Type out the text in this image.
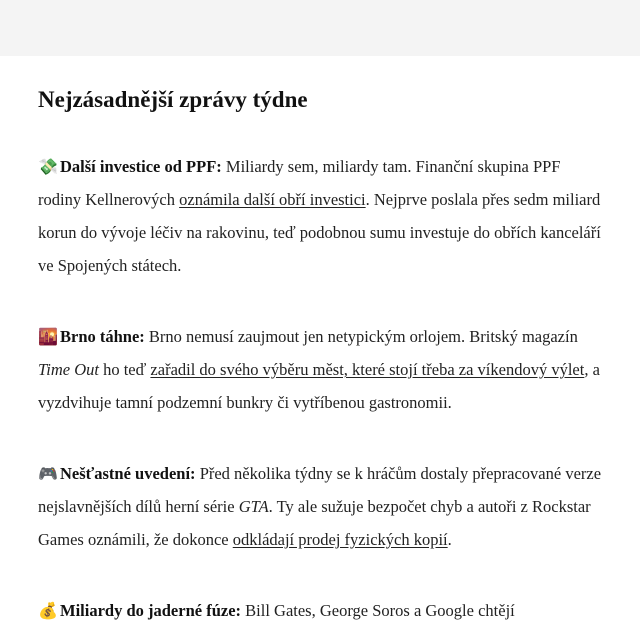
Nejzásadnější zprávy týdne

💸 Další investice od PPF: Miliardy sem, miliardy tam. Finanční skupina PPF rodiny Kellnerových oznámila další obří investici. Nejprve poslala přes sedm miliard korun do vývoje léčiv na rakovinu, teď podobnou sumu investuje do obřích kanceláří ve Spojených státech.

🌇 Brno táhne: Brno nemusí zaujmout jen netypickým orlojem. Britský magazín Time Out ho teď zařadil do svého výběru měst, které stojí třeba za víkendový výlet, a vyzdvihuje tamní podzemní bunkry či vytříbenou gastronomii.

🎮 Nešťastné uvedení: Před několika týdny se k hráčům dostaly přepracované verze nejslavnějších dílů herní série GTA. Ty ale sužuje bezpočet chyb a autoři z Rockstar Games oznámili, že dokonce odkládají prodej fyzických kopií.

💰 Miliardy do jaderné fúze: Bill Gates, George Soros a Google chtějí
